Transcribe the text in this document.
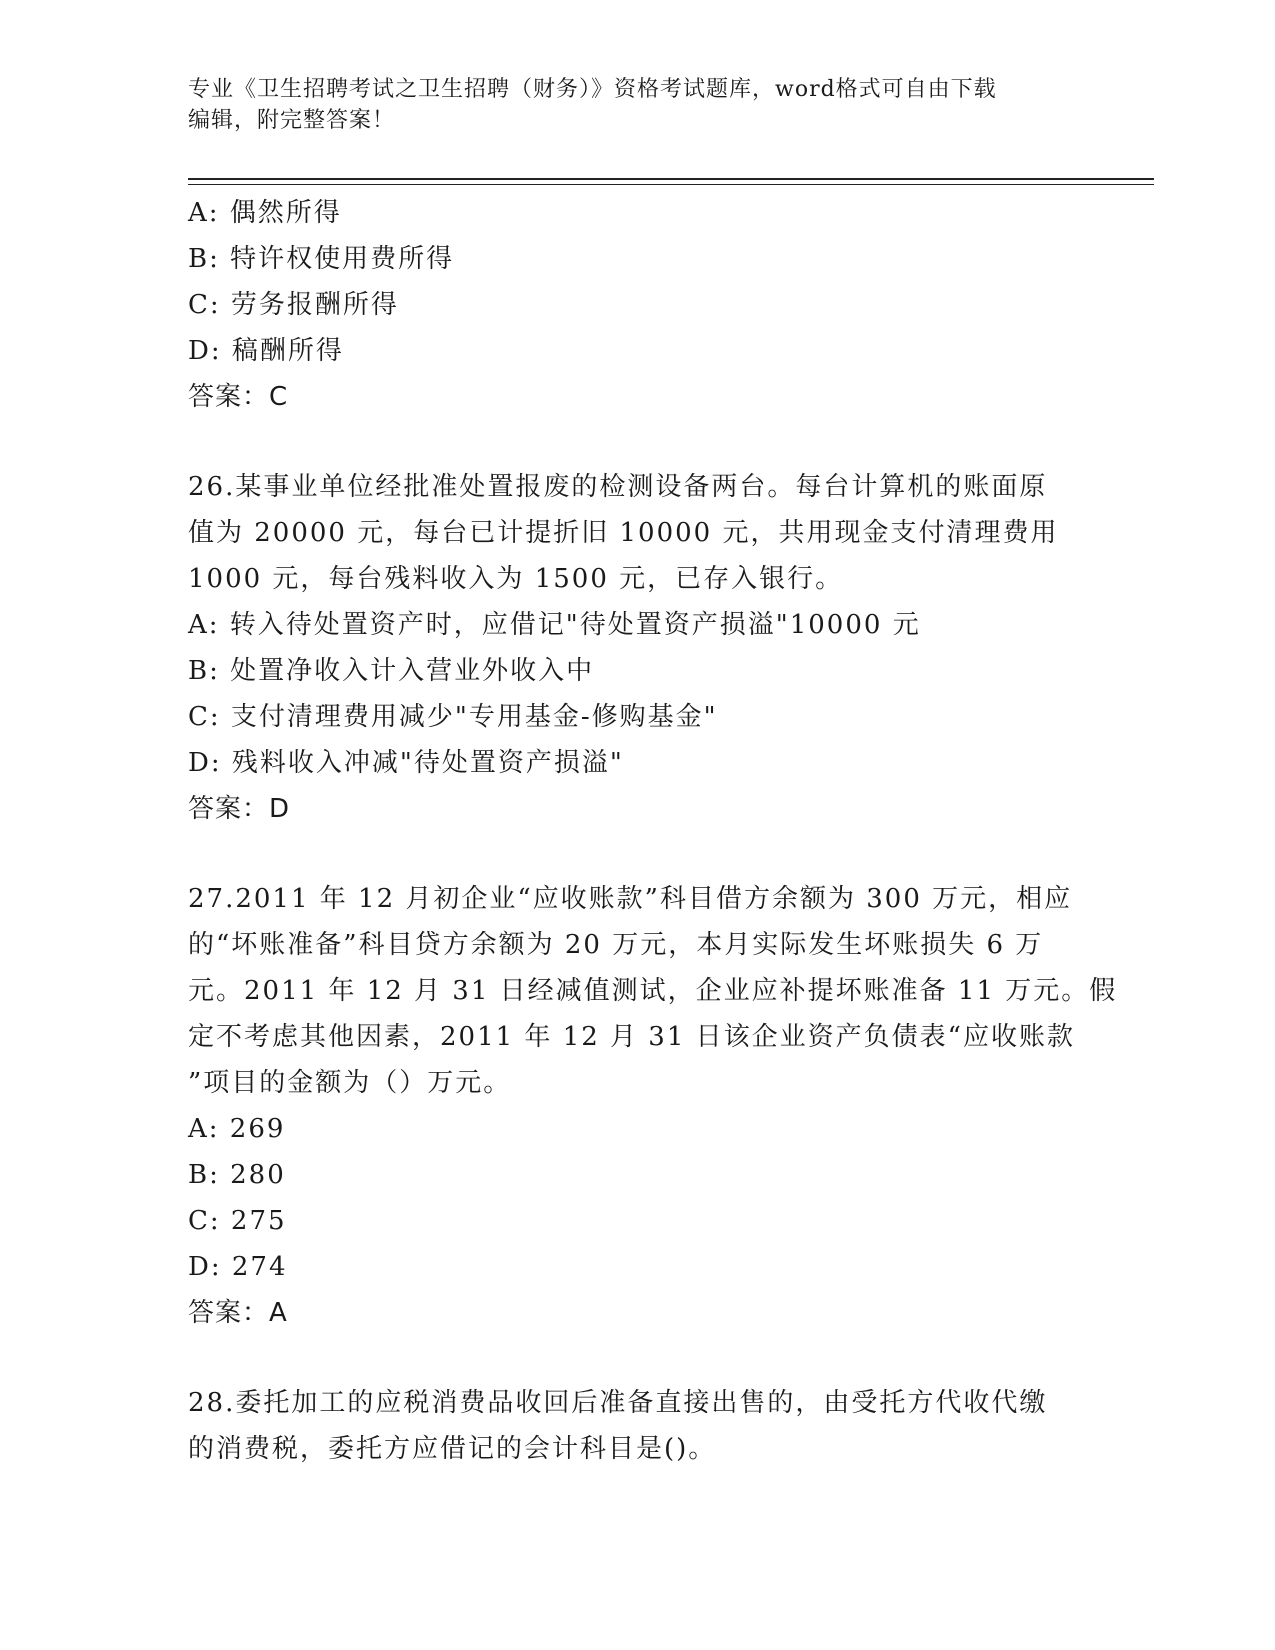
专业《卫生招聘考试之卫生招聘（财务）》资格考试题库，word格式可自由下载
编辑，附完整答案！
A: 偶然所得
B: 特许权使用费所得
C: 劳务报酬所得
D: 稿酬所得
答案：C
26.某事业单位经批准处置报废的检测设备两台。每台计算机的账面原
值为 20000 元，每台已计提折旧 10000 元，共用现金支付清理费用
1000 元，每台残料收入为 1500 元，已存入银行。
A: 转入待处置资产时，应借记"待处置资产损溢"10000 元
B: 处置净收入计入营业外收入中
C: 支付清理费用减少"专用基金-修购基金"
D: 残料收入冲减"待处置资产损溢"
答案：D
27.2011 年 12 月初企业“应收账款”科目借方余额为 300 万元，相应
的“坏账准备”科目贷方余额为 20 万元，本月实际发生坏账损失 6 万
元。2011 年 12 月 31 日经减值测试，企业应补提坏账准备 11 万元。假
定不考虑其他因素，2011 年 12 月 31 日该企业资产负债表“应收账款
”项目的金额为（）万元。
A: 269
B: 280
C: 275
D: 274
答案：A
28.委托加工的应税消费品收回后准备直接出售的，由受托方代收代缴
的消费税，委托方应借记的会计科目是()。
